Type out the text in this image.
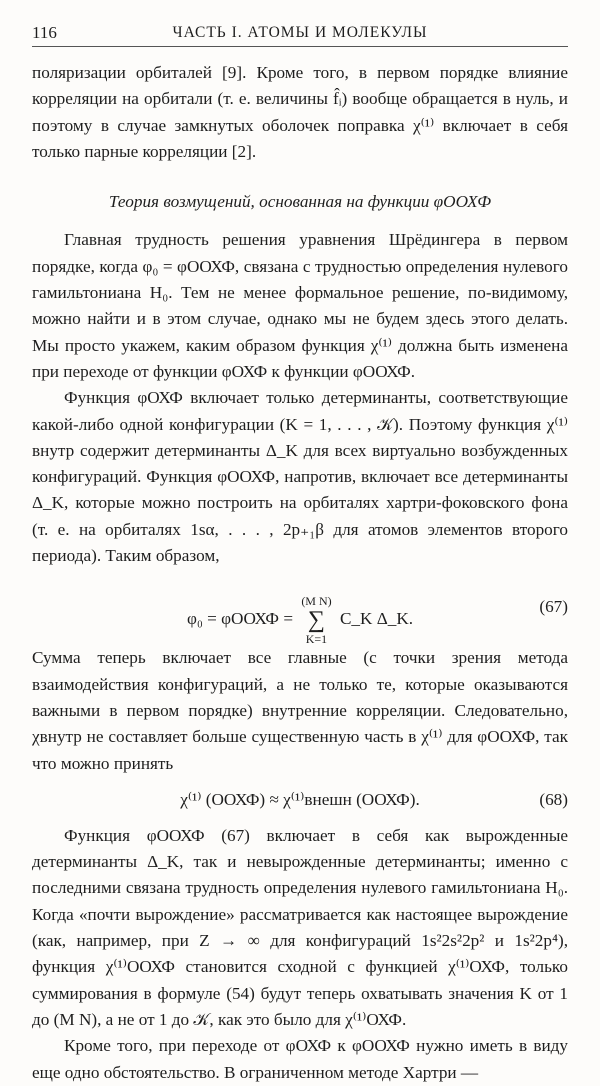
116	ЧАСТЬ I. АТОМЫ И МОЛЕКУЛЫ

поляризации орбиталей [9]. Кроме того, в первом порядке влияние корреляции на орбитали (т. е. величины f̂ᵢ) вообще обращается в нуль, и поэтому в случае замкнутых оболочек поправка χ⁽¹⁾ включает в себя только парные корреляции [2].

Теория возмущений, основанная на функции φООХФ

Главная трудность решения уравнения Шрёдингера в первом порядке, когда φ₀ = φООХФ, связана с трудностью определения нулевого гамильтониана H₀. Тем не менее формальное решение, по-видимому, можно найти и в этом случае, однако мы не будем здесь этого делать. Мы просто укажем, каким образом функция χ⁽¹⁾ должна быть изменена при переходе от функции φОХФ к функции φООХФ.

Функция φОХФ включает только детерминанты, соответствующие какой-либо одной конфигурации (K = 1, . . . , 𝒦). Поэтому функция χ⁽¹⁾внутр содержит детерминанты Δ_K для всех виртуально возбужденных конфигураций. Функция φООХФ, напротив, включает все детерминанты Δ_K, которые можно построить на орбиталях хартри-фоковского фона (т. е. на орбиталях 1sα, . . . , 2p₊₁β для атомов элементов второго периода). Таким образом,

φ₀ = φООХФ =
(M N)
∑
K=1
C_K Δ_K.
(67)

Сумма теперь включает все главные (с точки зрения метода взаимодействия конфигураций, а не только те, которые оказываются важными в первом порядке) внутренние корреляции. Следовательно, χвнутр не составляет больше существенную часть в χ⁽¹⁾ для φООХФ, так что можно принять

χ⁽¹⁾ (ООХФ) ≈ χ⁽¹⁾внешн (ООХФ).	(68)

Функция φООХФ (67) включает в себя как вырожденные детерминанты Δ_K, так и невырожденные детерминанты; именно с последними связана трудность определения нулевого гамильтониана H₀. Когда «почти вырождение» рассматривается как настоящее вырождение (как, например, при Z → ∞ для конфигураций 1s²2s²2p² и 1s²2p⁴), функция χ⁽¹⁾ООХФ становится сходной с функцией χ⁽¹⁾ОХФ, только суммирования в формуле (54) будут теперь охватывать значения K от 1 до (M N), а не от 1 до 𝒦, как это было для χ⁽¹⁾ОХФ.

Кроме того, при переходе от φОХФ к φООХФ нужно иметь в виду еще одно обстоятельство. В ограниченном методе Хартри —
